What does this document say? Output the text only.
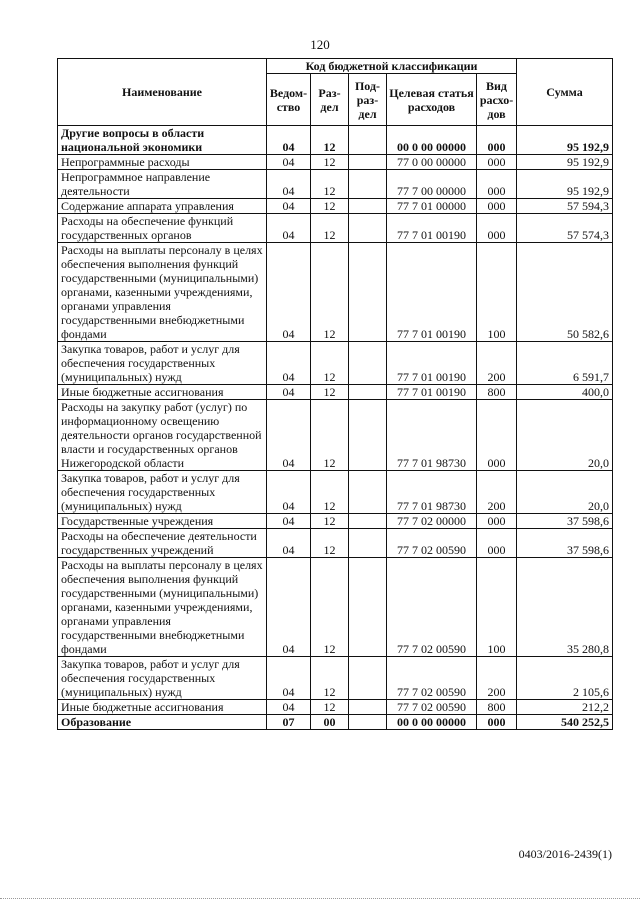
120
Наименование	Код бюджетной классификации					Сумма
	Ведом-ство	Раз-дел	Под-раз-дел	Целевая статья расходов	Вид расхо-дов	
Другие вопросы в области национальной экономики	04	12		00 0 00 00000	000	95 192,9
Непрограммные расходы	04	12		77 0 00 00000	000	95 192,9
Непрограммное направление деятельности	04	12		77 7 00 00000	000	95 192,9
Содержание аппарата управления	04	12		77 7 01 00000	000	57 594,3
Расходы на обеспечение функций государственных органов	04	12		77 7 01 00190	000	57 574,3
Расходы на выплаты персоналу в целях обеспечения выполнения функций государственными (муниципальными) органами, казенными учреждениями, органами управления государственными внебюджетными фондами	04	12		77 7 01 00190	100	50 582,6
Закупка товаров, работ и услуг для обеспечения государственных (муниципальных) нужд	04	12		77 7 01 00190	200	6 591,7
Иные бюджетные ассигнования	04	12		77 7 01 00190	800	400,0
Расходы на закупку работ (услуг) по информационному освещению деятельности органов государственной власти и государственных органов Нижегородской области	04	12		77 7 01 98730	000	20,0
Закупка товаров, работ и услуг для обеспечения государственных (муниципальных) нужд	04	12		77 7 01 98730	200	20,0
Государственные учреждения	04	12		77 7 02 00000	000	37 598,6
Расходы на обеспечение деятельности государственных учреждений	04	12		77 7 02 00590	000	37 598,6
Расходы на выплаты персоналу в целях обеспечения выполнения функций государственными (муниципальными) органами, казенными учреждениями, органами управления государственными внебюджетными фондами	04	12		77 7 02 00590	100	35 280,8
Закупка товаров, работ и услуг для обеспечения государственных (муниципальных) нужд	04	12		77 7 02 00590	200	2 105,6
Иные бюджетные ассигнования	04	12		77 7 02 00590	800	212,2
Образование	07	00		00 0 00 00000	000	540 252,5
0403/2016-2439(1)
